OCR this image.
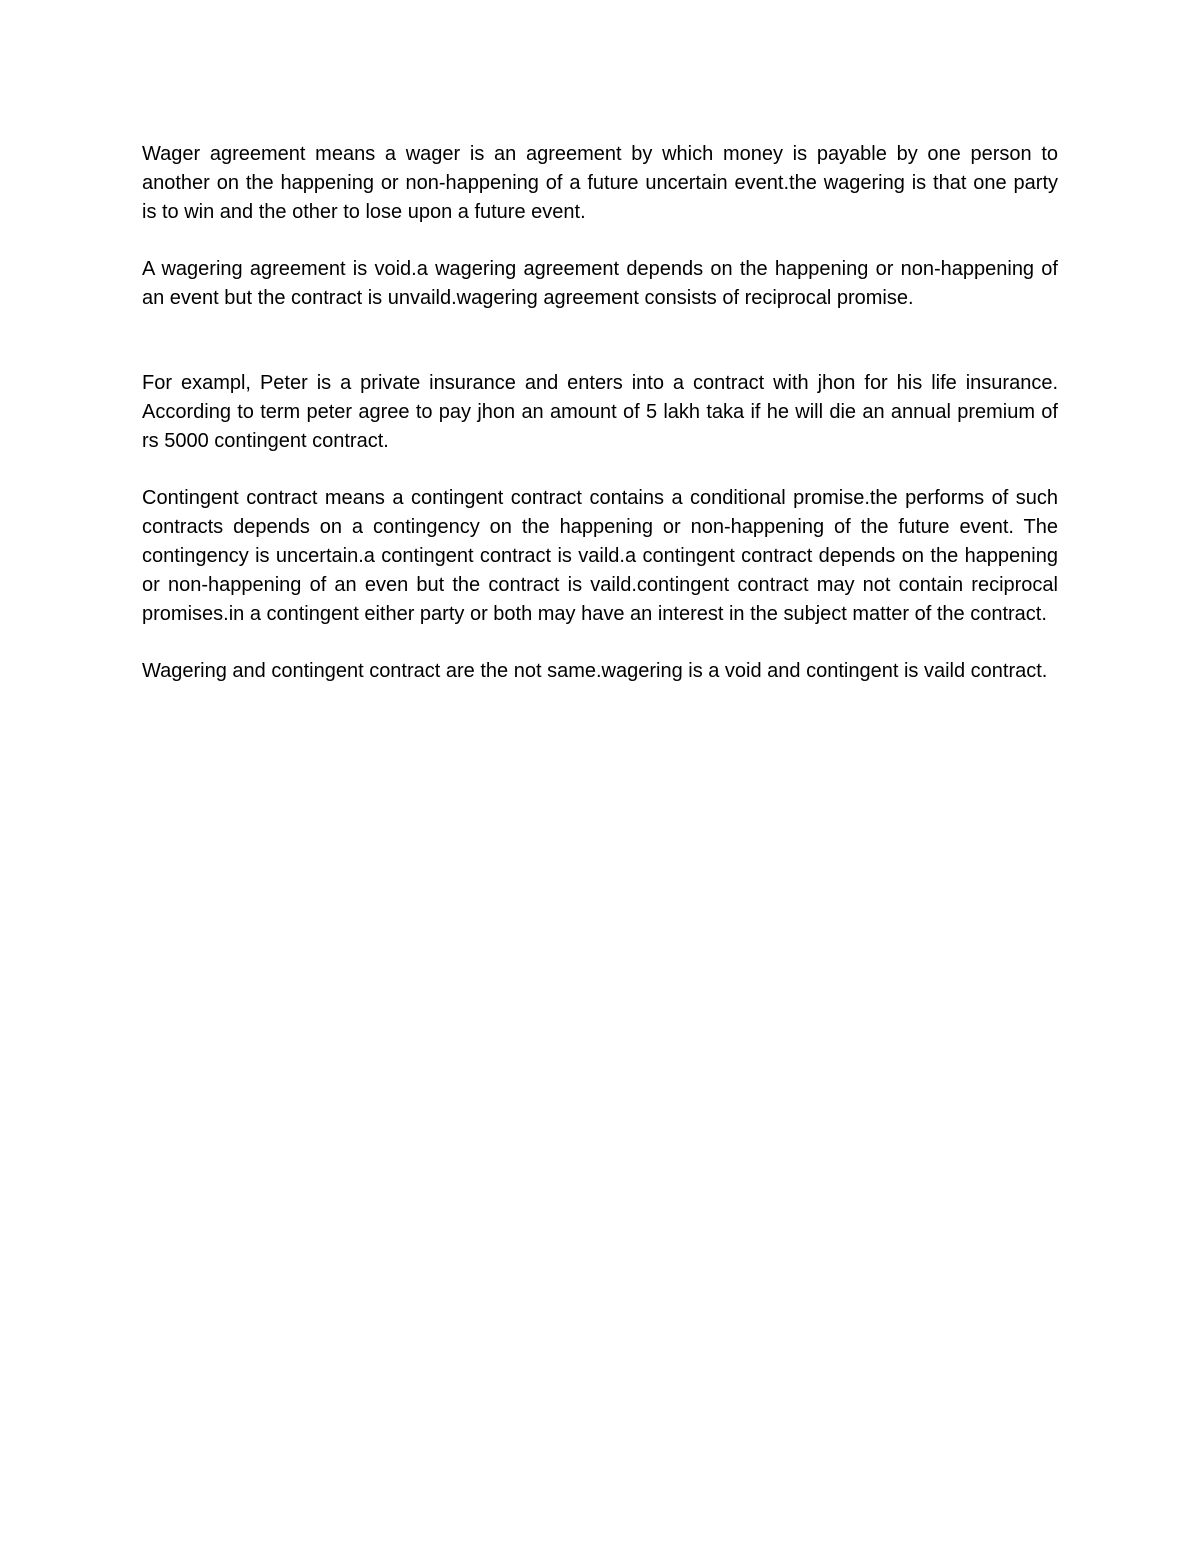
Wager agreement means a wager is an agreement by which money is payable by one person to another on the happening or non-happening of a future uncertain event.the wagering is that one party is to win and the other to lose upon a future event.

A wagering agreement is void.a wagering agreement depends on the happening or non-happening of an event but the contract is unvaild.wagering agreement consists of reciprocal promise.

For exampl, Peter is a private insurance and enters into a contract with jhon for his life insurance. According to term peter agree to pay jhon an amount of 5 lakh taka if he will die an annual premium of rs 5000 contingent contract.

Contingent contract means a contingent contract contains a conditional promise.the performs of such contracts depends on a contingency on the happening or non-happening of the future event. The contingency is uncertain.a contingent contract is vaild.a contingent contract depends on the happening or non-happening of an even but the contract is vaild.contingent contract may not contain reciprocal promises.in a contingent either party or both may have an interest in the subject matter of the contract.

Wagering and contingent contract are the not same.wagering is a void and contingent is vaild contract.
